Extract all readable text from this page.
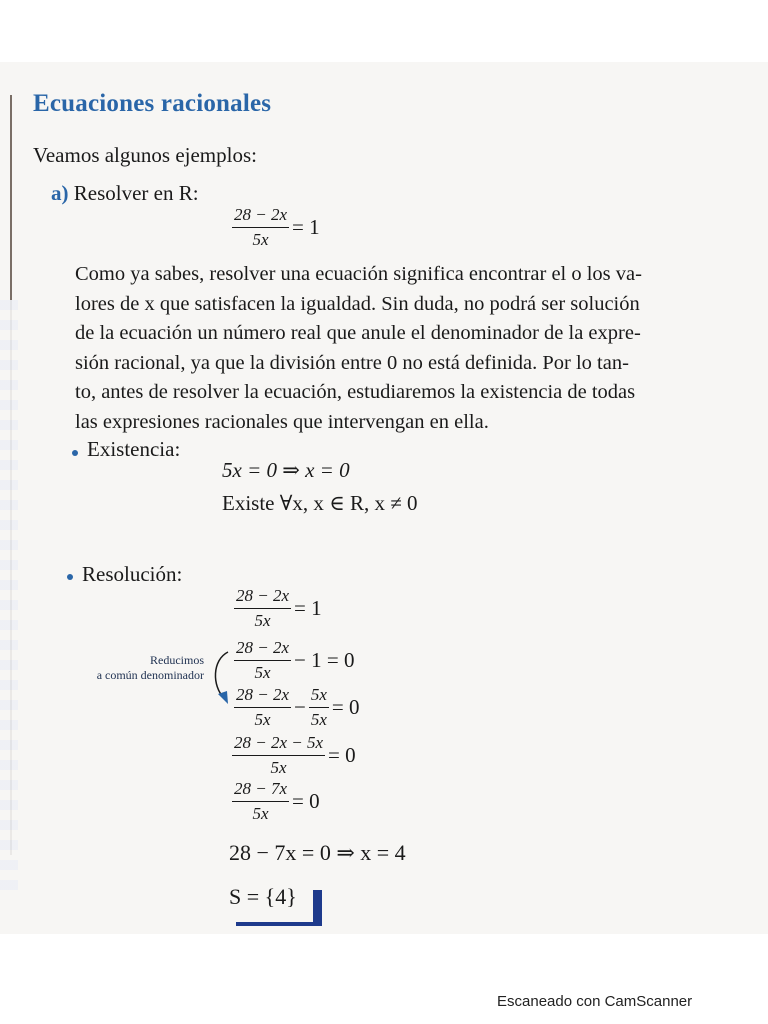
Ecuaciones racionales
Veamos algunos ejemplos:
a) Resolver en R:
$\frac{28 - 2x}{5x} = 1$
Como ya sabes, resolver una ecuación significa encontrar el o los va-
lores de x que satisfacen la igualdad. Sin duda, no podrá ser solución
de la ecuación un número real que anule el denominador de la expre-
sión racional, ya que la división entre 0 no está definida. Por lo tan-
to, antes de resolver la ecuación, estudiaremos la existencia de todas
las expresiones racionales que intervengan en ella.
Existencia:
5x = 0 ⇒ x = 0
Existe ∀x, x ∈ R, x ≠ 0
Resolución:
$\frac{28 - 2x}{5x} = 1$
$\frac{28 - 2x}{5x} - 1 = 0$
Reducimos
a común denominador
$\frac{28 - 2x}{5x} - \frac{5x}{5x} = 0$
$\frac{28 - 2x - 5x}{5x} = 0$
$\frac{28 - 7x}{5x} = 0$
28 − 7x = 0 ⇒ x = 4
S = {4}
Escaneado con CamScanner
